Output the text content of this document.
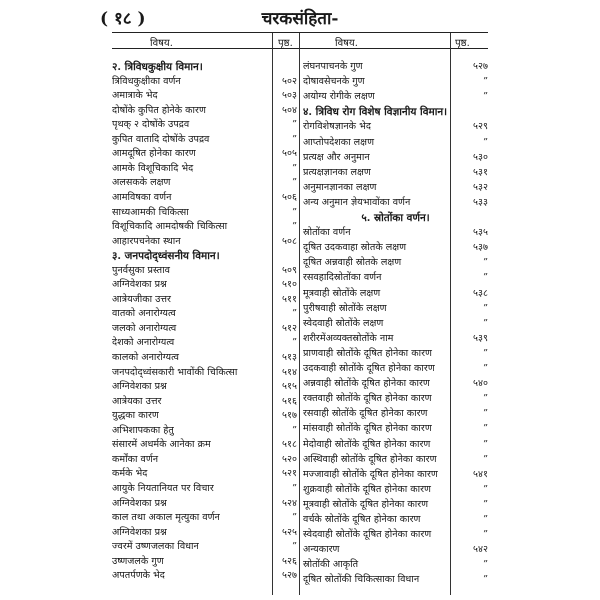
( १८ )	चरकसंहिता-
विषय.	पृष्ठ.	विषय.	पृष्ठ.
२. त्रिविधकुक्षीय विमान।
त्रिविधकुक्षीका वर्णन	५०२
अमात्राके भेद	५०३
दोषोंके कुपित होनेके कारण	५०४
पृथक् २ दोषोंके उपद्रव	”
कुपित वातादि दोषोंके उपद्रव	”
आमदूषित होनेका कारण	५०५
आमके विशूचिकादि भेद	”
अलसकके लक्षण	”
आमविषका वर्णन	५०६
साध्यआमकी चिकित्सा	”
विशूचिकादि आमदोषकी चिकित्सा	”
आहारपचनेका स्थान	५०८
३. जनपदोद्ध्वंसनीय विमान।
पुनर्वसुका प्रस्ताव	५०९
अग्निवेशका प्रश्न	५१०
आत्रेयजीका उत्तर	५११
वातको अनारोग्यत्व	”
जलको अनारोग्यत्व	५१२
देशको अनारोग्यत्व	”
कालको अनारोग्यत्व	५१३
जनपदोद्ध्वंसकारी भावोंकी चिकित्सा	५१४
अग्निवेशका प्रश्न	५१५
आत्रेयका उत्तर	५१६
युद्धका कारण	५१७
अभिशापकका हेतु	”
संसारमें अधर्मके आनेका क्रम	५१८
कर्मोंका वर्णन	५२०
कर्मके भेद	५२१
आयुके नियतानियत पर विचार	”
अग्निवेशका प्रश्न	५२४
काल तथा अकाल मृत्युका वर्णन	”
अग्निवेशका प्रश्न	५२५
ज्वरमें उष्णजलका विधान	”
उष्णजलके गुण	५२६
अपतर्पणके भेद	५२७
लंघनपाचनके गुण	५२७
दोषावसेचनके गुण	”
अयोग्य रोगीके लक्षण	”
४. त्रिविध रोग विशेष विज्ञानीय विमान।
रोगविशेषज्ञानके भेद	५२९
आप्तोपदेशका लक्षण	”
प्रत्यक्ष और अनुमान	५३०
प्रत्यक्षज्ञानका लक्षण	५३१
अनुमानज्ञानका लक्षण	५३२
अन्य अनुमान ज्ञेयभावोंका वर्णन	५३३
५. स्रोतोंका वर्णन।
स्रोतोंका वर्णन	५३५
दूषित उदकवाहा स्रोतके लक्षण	५३७
दूषित अन्नवाही स्रोतके लक्षण	”
रसवहादिस्रोतोंका वर्णन	”
मूत्रवाही स्रोतोंके लक्षण	५३८
पुरीषवाही स्रोतोंके लक्षण	”
स्वेदवाही स्रोतोंके लक्षण	”
शरीरमेंअव्यक्तस्रोतोंके नाम	५३९
प्राणवाही स्रोतोंके दूषित होनेका कारण	”
उदकवाही स्रोतोंके दूषित होनेका कारण	”
अन्नवाही स्रोतोंके दूषित होनेका कारण	५४०
रक्तवाही स्रोतोंके दूषित होनेका कारण	”
रसवाही स्रोतोंके दूषित होनेका कारण	”
मांसवाही स्रोतोंके दूषित होनेका कारण	”
मेदोवाही स्रोतोंके दूषित होनेका कारण	”
अस्थिवाही स्रोतोंके दूषित होनेका कारण	”
मज्जावाही स्रोतोंके दूषित होनेका कारण	५४१
शुक्रवाही स्रोतोंके दूषित होनेका कारण	”
मूत्रवाही स्रोतोंके दूषित होनेका कारण	”
वर्चके स्रोतोंके दूषित होनेका कारण	”
स्वेदवाही स्रोतोंके दूषित होनेका कारण	”
अन्यकारण	५४२
स्रोतोंकी आकृति	”
दूषित स्रोतोंकी चिकित्साका विधान	”
